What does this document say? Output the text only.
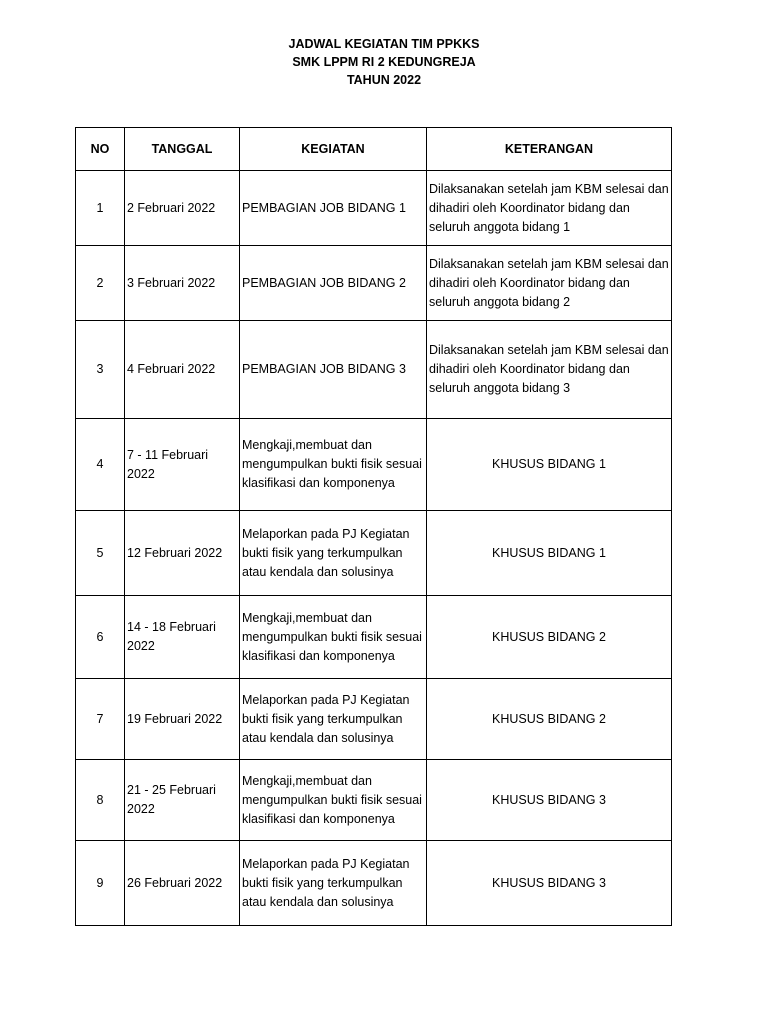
JADWAL KEGIATAN TIM PPKKS
SMK LPPM RI 2 KEDUNGREJA
TAHUN 2022
NO	TANGGAL	KEGIATAN	KETERANGAN
1	2 Februari 2022	PEMBAGIAN JOB BIDANG 1	Dilaksanakan setelah jam KBM selesai dan dihadiri oleh Koordinator bidang dan seluruh anggota bidang 1
2	3 Februari 2022	PEMBAGIAN JOB BIDANG 2	Dilaksanakan setelah jam KBM selesai dan dihadiri oleh Koordinator bidang dan seluruh anggota bidang 2
3	4 Februari 2022	PEMBAGIAN JOB BIDANG 3	Dilaksanakan setelah jam KBM selesai dan dihadiri oleh Koordinator bidang dan seluruh anggota bidang 3
4	7 - 11 Februari 2022	Mengkaji,membuat dan mengumpulkan bukti fisik sesuai klasifikasi dan komponenya	KHUSUS BIDANG 1
5	12 Februari 2022	Melaporkan pada PJ Kegiatan bukti fisik yang terkumpulkan atau kendala dan solusinya	KHUSUS BIDANG 1
6	14 - 18 Februari 2022	Mengkaji,membuat dan mengumpulkan bukti fisik sesuai klasifikasi dan komponenya	KHUSUS BIDANG 2
7	19 Februari 2022	Melaporkan pada PJ Kegiatan bukti fisik yang terkumpulkan atau kendala dan solusinya	KHUSUS BIDANG 2
8	21 - 25 Februari 2022	Mengkaji,membuat dan mengumpulkan bukti fisik sesuai klasifikasi dan komponenya	KHUSUS BIDANG 3
9	26 Februari 2022	Melaporkan pada PJ Kegiatan bukti fisik yang terkumpulkan atau kendala dan solusinya	KHUSUS BIDANG 3
